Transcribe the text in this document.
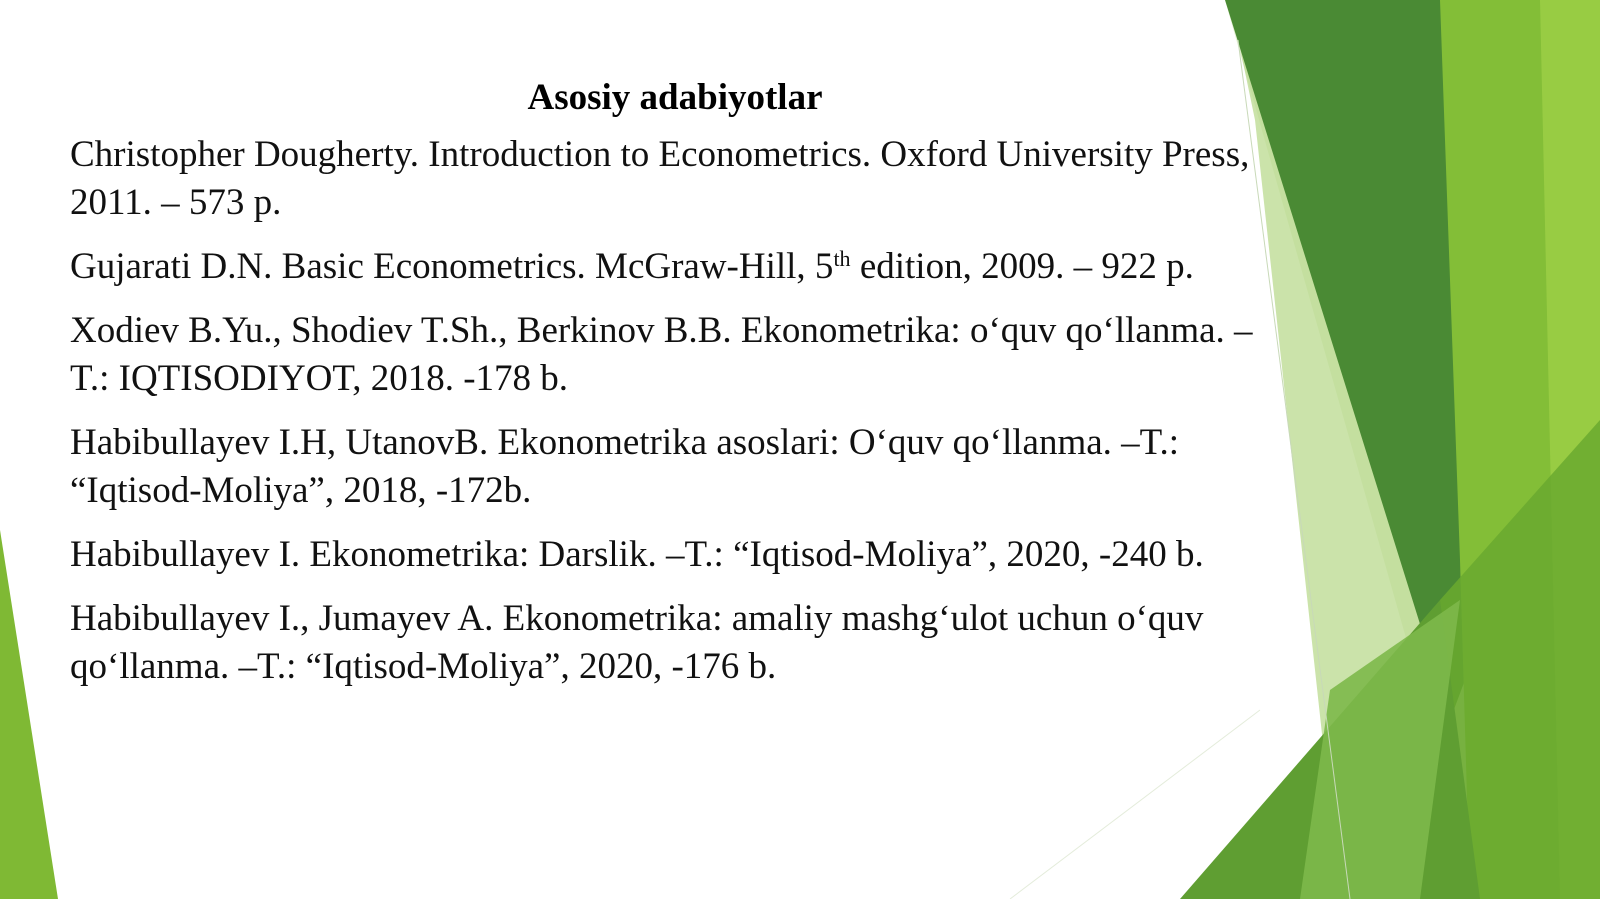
Asosiy adabiyotlar
Christopher Dougherty. Introduction to Econometrics. Oxford University Press, 2011. – 573 p.
Gujarati D.N. Basic Econometrics. McGraw-Hill, 5th edition, 2009. – 922 p.
Xodiev B.Yu., Shodiev T.Sh., Berkinov B.B. Ekonometrika: oʻquv qoʻllanma. –T.: IQTISODIYOT, 2018. -178 b.
Habibullayev I.H, UtanovB. Ekonometrika asoslari: Oʻquv qoʻllanma. –T.: “Iqtisod-Moliya”, 2018, -172b.
Habibullayev I. Ekonometrika: Darslik. –T.: “Iqtisod-Moliya”, 2020, -240 b.
Habibullayev I., Jumayev A. Ekonometrika: amaliy mashgʻulot uchun oʻquv qoʻllanma. –T.: “Iqtisod-Moliya”, 2020, -176 b.
